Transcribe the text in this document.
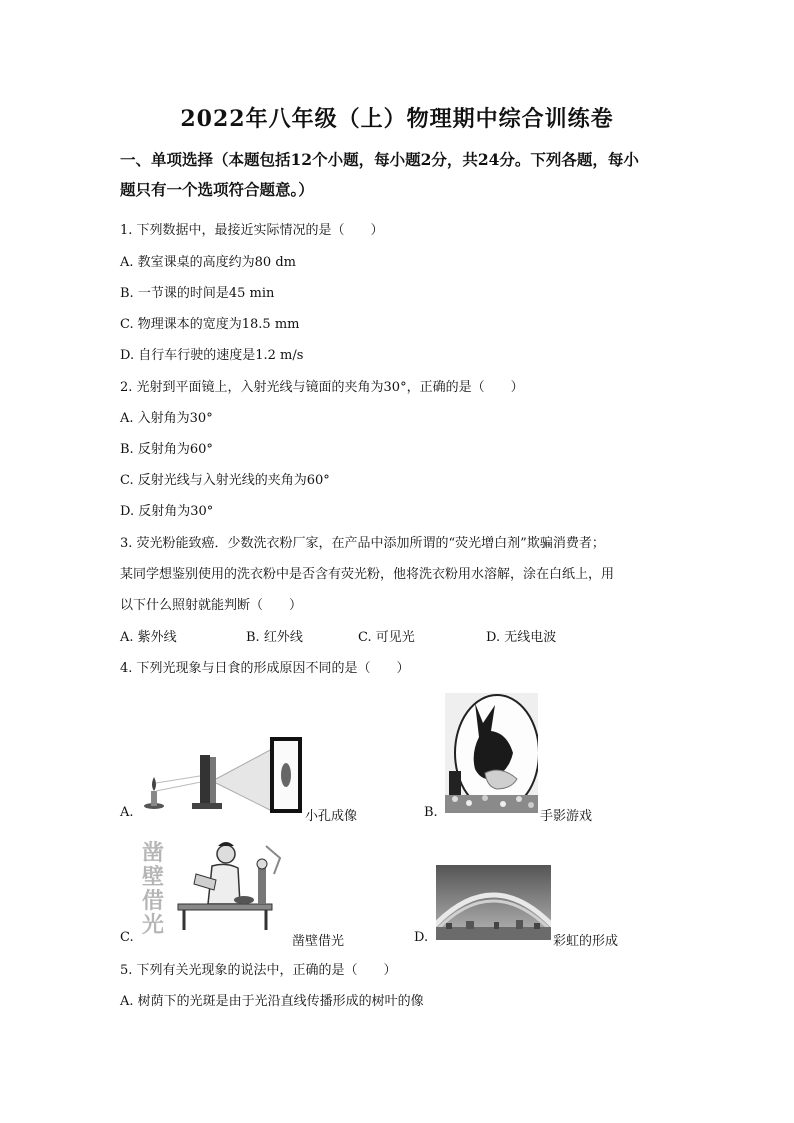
2022年八年级（上）物理期中综合训练卷
一、单项选择（本题包括12个小题，每小题2分，共24分。下列各题，每小
题只有一个选项符合题意。）
1. 下列数据中，最接近实际情况的是（　　）
A. 教室课桌的高度约为80 dm
B. 一节课的时间是45 min
C. 物理课本的宽度为18.5 mm
D. 自行车行驶的速度是1.2 m/s
2. 光射到平面镜上，入射光线与镜面的夹角为30°，正确的是（　　）
A. 入射角为30°
B. 反射角为60°
C. 反射光线与入射光线的夹角为60°
D. 反射角为30°
3. 荧光粉能致癌．少数洗衣粉厂家，在产品中添加所谓的“荧光增白剂”欺骗消费者；
某同学想鉴别使用的洗衣粉中是否含有荧光粉，他将洗衣粉用水溶解，涂在白纸上，用
以下什么照射就能判断（　　）
A. 紫外线	B. 红外线	C. 可见光	D. 无线电波
4. 下列光现象与日食的形成原因不同的是（　　）
A.	小孔成像	B.	手影游戏
C.
凿
壁
借
光
凿壁借光	D.	彩虹的形成
5. 下列有关光现象的说法中，正确的是（　　）
A. 树荫下的光斑是由于光沿直线传播形成的树叶的像
